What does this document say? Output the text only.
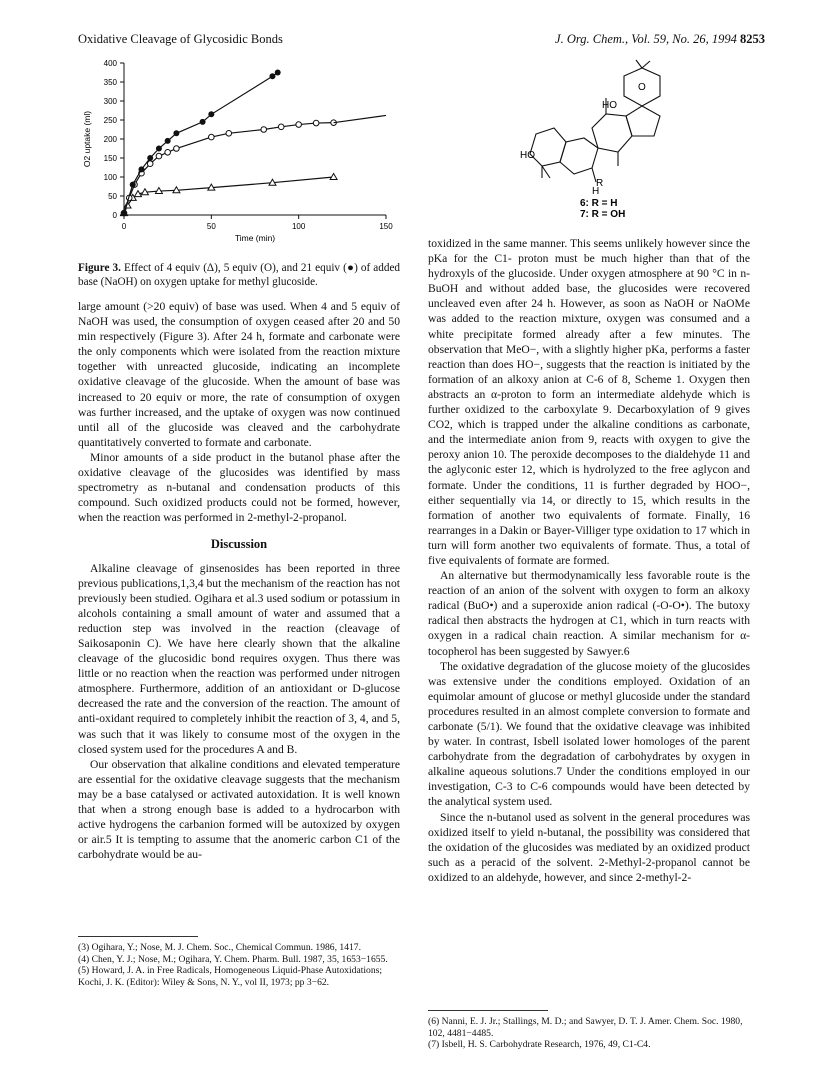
Oxidative Cleavage of Glycosidic Bonds	J. Org. Chem., Vol. 59, No. 26, 1994 8253
0
50
100
150
200
250
300
350
400
0	50	100	150
Time (min)
O2 uptake (ml)
HO
O
HO
H
R
6: R = H
7: R = OH

Figure 3. Effect of 4 equiv (Δ), 5 equiv (O), and 21 equiv (●) of added base (NaOH) on oxygen uptake for methyl glucoside.

large amount (>20 equiv) of base was used. When 4 and 5 equiv of NaOH was used, the consumption of oxygen ceased after 20 and 50 min respectively (Figure 3). After 24 h, formate and carbonate were the only components which were isolated from the reaction mixture together with unreacted glucoside, indicating an incomplete oxidative cleavage of the glucoside. When the amount of base was increased to 20 equiv or more, the rate of consumption of oxygen was further increased, and the uptake of oxygen was now continued until all of the glucoside was cleaved and the carbohydrate quantitatively converted to formate and carbonate.

Minor amounts of a side product in the butanol phase after the oxidative cleavage of the glucosides was identified by mass spectrometry as n-butanal and condensation products of this compound. Such oxidized products could not be formed, however, when the reaction was performed in 2-methyl-2-propanol.

Discussion

Alkaline cleavage of ginsenosides has been reported in three previous publications,1,3,4 but the mechanism of the reaction has not previously been studied. Ogihara et al.3 used sodium or potassium in alcohols containing a small amount of water and assumed that a reduction step was involved in the reaction (cleavage of Saikosaponin C). We have here clearly shown that the alkaline cleavage of the glucosidic bond requires oxygen. Thus there was little or no reaction when the reaction was performed under nitrogen atmosphere. Furthermore, addition of an antioxidant or D-glucose decreased the rate and the conversion of the reaction. The amount of anti-oxidant required to completely inhibit the reaction of 3, 4, and 5, was such that it was likely to consume most of the oxygen in the closed system used for the procedures A and B.

Our observation that alkaline conditions and elevated temperature are essential for the oxidative cleavage suggests that the mechanism may be a base catalysed or activated autoxidation. It is well known that when a strong enough base is added to a hydrocarbon with active hydrogens the carbanion formed will be autoxized by oxygen or air.5 It is tempting to assume that the anomeric carbon C1 of the carbohydrate would be au-

toxidized in the same manner. This seems unlikely however since the pKa for the C1- proton must be much higher than that of the hydroxyls of the glucoside. Under oxygen atmosphere at 90 °C in n-BuOH and without added base, the glucosides were recovered uncleaved even after 24 h. However, as soon as NaOH or NaOMe was added to the reaction mixture, oxygen was consumed and a white precipitate formed already after a few minutes. The observation that MeO−, with a slightly higher pKa, performs a faster reaction than does HO−, suggests that the reaction is initiated by the formation of an alkoxy anion at C-6 of 8, Scheme 1. Oxygen then abstracts an α-proton to form an intermediate aldehyde which is further oxidized to the carboxylate 9. Decarboxylation of 9 gives CO2, which is trapped under the alkaline conditions as carbonate, and the intermediate anion from 9, reacts with oxygen to give the peroxy anion 10. The peroxide decomposes to the dialdehyde 11 and the aglyconic ester 12, which is hydrolyzed to the free aglycon and formate. Under the conditions, 11 is further degraded by HOO−, either sequentially via 14, or directly to 15, which results in the formation of another two equivalents of formate. Finally, 16 rearranges in a Dakin or Bayer-Villiger type oxidation to 17 which in turn will form another two equivalents of formate. Thus, a total of five equivalents of formate are formed.

An alternative but thermodynamically less favorable route is the reaction of an anion of the solvent with oxygen to form an alkoxy radical (BuO•) and a superoxide anion radical (-O-O•). The butoxy radical then abstracts the hydrogen at C1, which in turn reacts with oxygen in a radical chain reaction. A similar mechanism for α-tocopherol has been suggested by Sawyer.6

The oxidative degradation of the glucose moiety of the glucosides was extensive under the conditions employed. Oxidation of an equimolar amount of glucose or methyl glucoside under the standard procedures resulted in an almost complete conversion to formate and carbonate (5/1). We found that the oxidative cleavage was inhibited by water. In contrast, Isbell isolated lower homologes of the parent carbohydrate from the degradation of carbohydrates by oxygen in alkaline aqueous solutions.7 Under the conditions employed in our investigation, C-3 to C-6 compounds would have been detected by the analytical system used.

Since the n-butanol used as solvent in the general procedures was oxidized itself to yield n-butanal, the possibility was considered that the oxidation of the glucosides was mediated by an oxidized product such as a peracid of the solvent. 2-Methyl-2-propanol cannot be oxidized to an aldehyde, however, and since 2-methyl-2-

(3) Ogihara, Y.; Nose, M. J. Chem. Soc., Chemical Commun. 1986, 1417.
(4) Chen, Y. J.; Nose, M.; Ogihara, Y. Chem. Pharm. Bull. 1987, 35, 1653−1655.
(5) Howard, J. A. in Free Radicals, Homogeneous Liquid-Phase Autoxidations; Kochi, J. K. (Editor): Wiley & Sons, N. Y., vol II, 1973; pp 3−62.
(6) Nanni, E. J. Jr.; Stallings, M. D.; and Sawyer, D. T. J. Amer. Chem. Soc. 1980, 102, 4481−4485.
(7) Isbell, H. S. Carbohydrate Research, 1976, 49, C1-C4.
